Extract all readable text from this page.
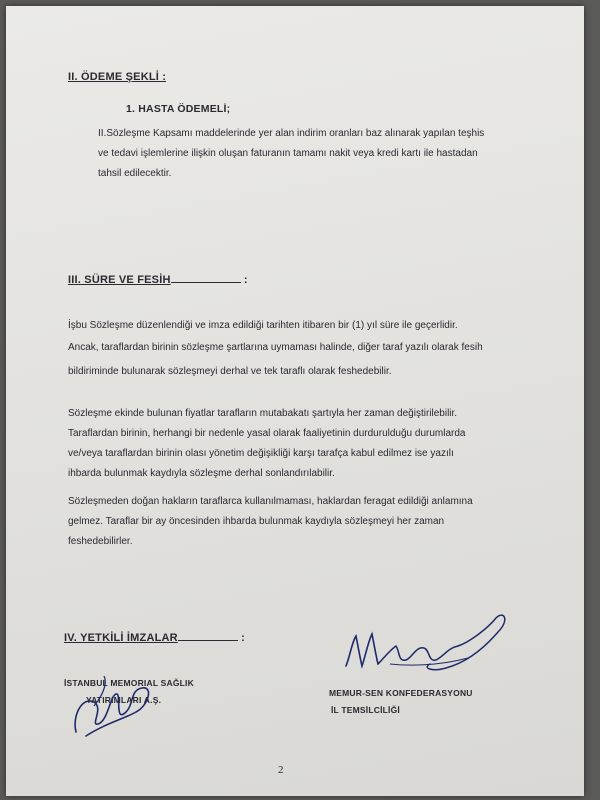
II. ÖDEME ŞEKLİ :
1. HASTA ÖDEMELİ;
II.Sözleşme Kapsamı maddelerinde yer alan indirim oranları baz alınarak yapılan teşhis
ve tedavi işlemlerine ilişkin oluşan faturanın tamamı nakit veya kredi kartı ile hastadan
tahsil edilecektir.
III. SÜRE VE FESİH	:
İşbu Sözleşme düzenlendiği ve imza edildiği tarihten itibaren bir (1) yıl süre ile geçerlidir.
Ancak, taraflardan birinin sözleşme şartlarına uymaması halinde, diğer taraf yazılı olarak fesih
bildiriminde bulunarak sözleşmeyi derhal ve tek taraflı olarak feshedebilir.
Sözleşme ekinde bulunan fiyatlar tarafların mutabakatı şartıyla her zaman değiştirilebilir.
Taraflardan birinin, herhangi bir nedenle yasal olarak faaliyetinin durdurulduğu durumlarda
ve/veya taraflardan birinin olası yönetim değişikliği karşı tarafça kabul edilmez ise yazılı
ihbarda bulunmak kaydıyla sözleşme derhal sonlandırılabilir.
Sözleşmeden doğan hakların taraflarca kullanılmaması, haklardan feragat edildiği anlamına
gelmez. Taraflar bir ay öncesinden ihbarda bulunmak kaydıyla sözleşmeyi her zaman
feshedebilirler.
IV. YETKİLİ İMZALAR	:
İSTANBUL MEMORIAL SAĞLIK
YATIRIMLARI A.Ş.
MEMUR-SEN KONFEDERASYONU
İL TEMSİLCİLİĞİ
2
